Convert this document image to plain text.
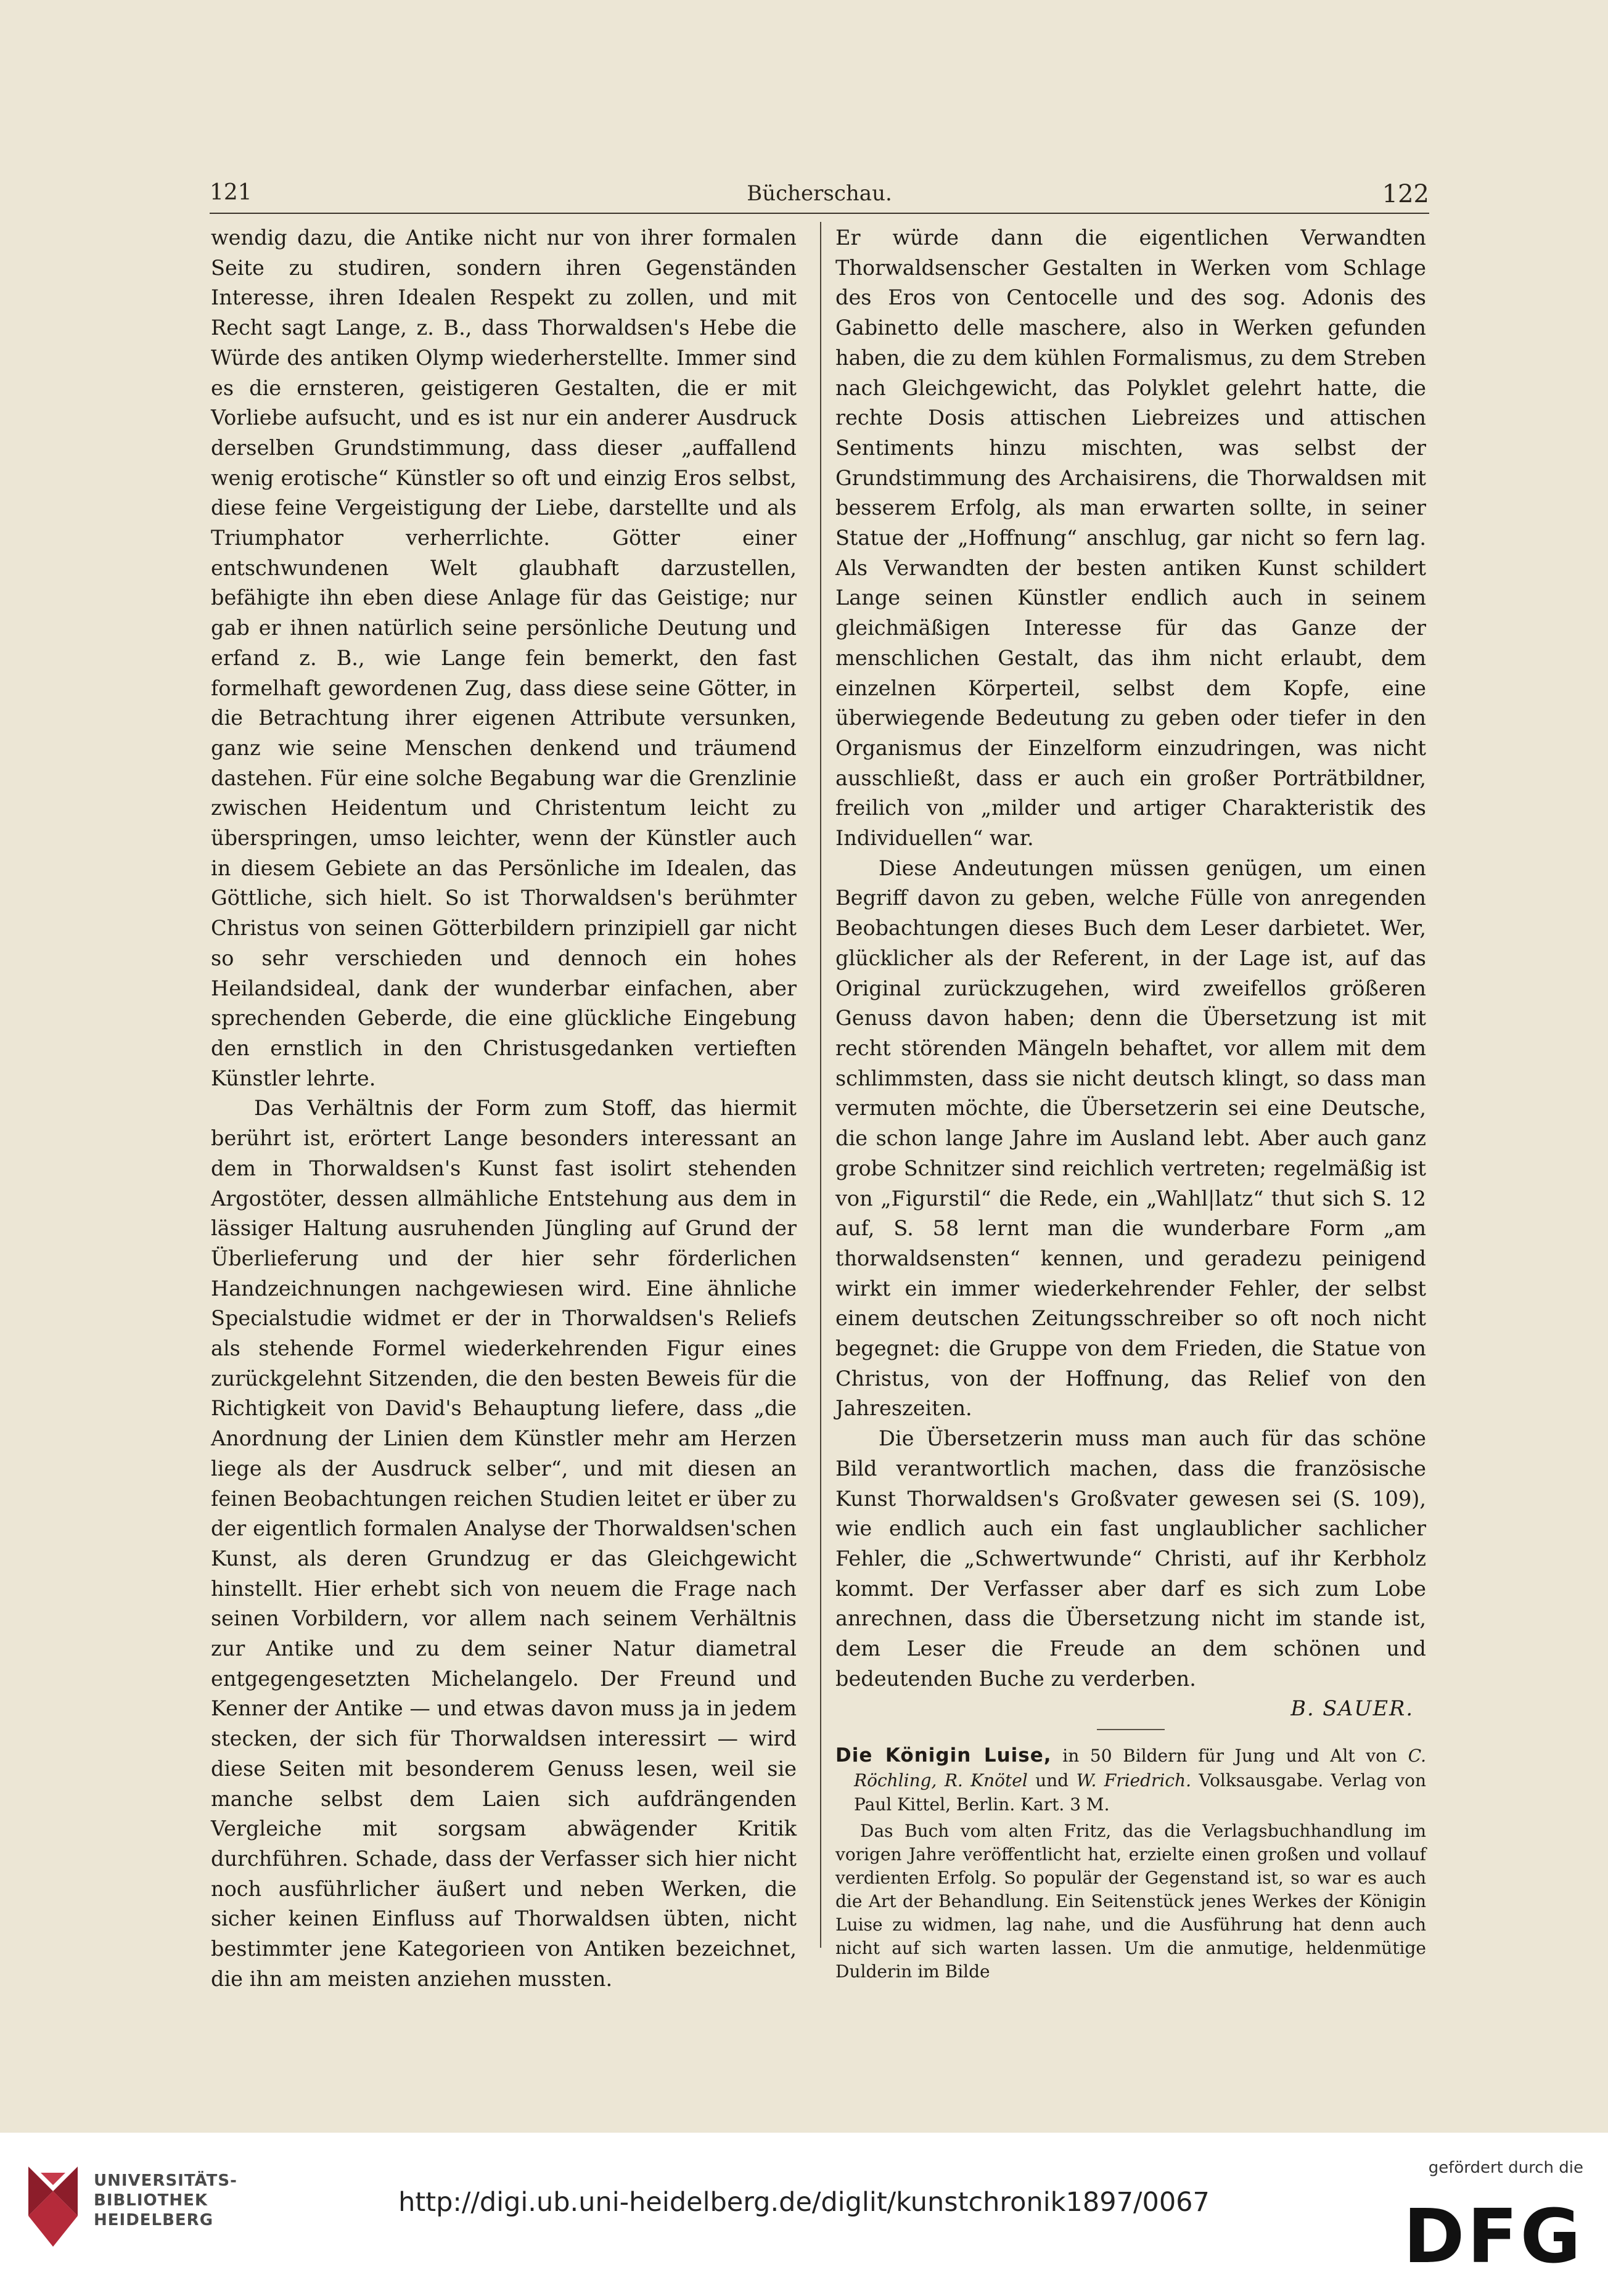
121	Bücherschau.	122

wendig dazu, die Antike nicht nur von ihrer formalen Seite zu studiren, sondern ihren Gegenständen Interesse, ihren Idealen Respekt zu zollen, und mit Recht sagt Lange, z. B., dass Thorwaldsen's Hebe die Würde des antiken Olymp wiederherstellte. Immer sind es die ernsteren, geistigeren Gestalten, die er mit Vorliebe aufsucht, und es ist nur ein anderer Ausdruck derselben Grundstimmung, dass dieser „auffallend wenig erotische“ Künstler so oft und einzig Eros selbst, diese feine Vergeistigung der Liebe, darstellte und als Triumphator verherrlichte. Götter einer entschwundenen Welt glaubhaft darzustellen, befähigte ihn eben diese Anlage für das Geistige; nur gab er ihnen natürlich seine persönliche Deutung und erfand z. B., wie Lange fein bemerkt, den fast formelhaft gewordenen Zug, dass diese seine Götter, in die Betrachtung ihrer eigenen Attribute versunken, ganz wie seine Menschen denkend und träumend dastehen. Für eine solche Begabung war die Grenzlinie zwischen Heidentum und Christentum leicht zu überspringen, umso leichter, wenn der Künstler auch in diesem Gebiete an das Persönliche im Idealen, das Göttliche, sich hielt. So ist Thorwaldsen's berühmter Christus von seinen Götterbildern prinzipiell gar nicht so sehr verschieden und dennoch ein hohes Heilandsideal, dank der wunderbar einfachen, aber sprechenden Geberde, die eine glückliche Eingebung den ernstlich in den Christusgedanken vertieften Künstler lehrte.

Das Verhältnis der Form zum Stoff, das hiermit berührt ist, erörtert Lange besonders interessant an dem in Thorwaldsen's Kunst fast isolirt stehenden Argostöter, dessen allmähliche Entstehung aus dem in lässiger Haltung ausruhenden Jüngling auf Grund der Überlieferung und der hier sehr förderlichen Handzeichnungen nachgewiesen wird. Eine ähnliche Specialstudie widmet er der in Thorwaldsen's Reliefs als stehende Formel wiederkehrenden Figur eines zurückgelehnt Sitzenden, die den besten Beweis für die Richtigkeit von David's Behauptung liefere, dass „die Anordnung der Linien dem Künstler mehr am Herzen liege als der Ausdruck selber“, und mit diesen an feinen Beobachtungen reichen Studien leitet er über zu der eigentlich formalen Analyse der Thorwaldsen'schen Kunst, als deren Grundzug er das Gleichgewicht hinstellt. Hier erhebt sich von neuem die Frage nach seinen Vorbildern, vor allem nach seinem Verhältnis zur Antike und zu dem seiner Natur diametral entgegengesetzten Michelangelo. Der Freund und Kenner der Antike — und etwas davon muss ja in jedem stecken, der sich für Thorwaldsen interessirt — wird diese Seiten mit besonderem Genuss lesen, weil sie manche selbst dem Laien sich aufdrängenden Vergleiche mit sorgsam abwägender Kritik durchführen. Schade, dass der Verfasser sich hier nicht noch ausführlicher äußert und neben Werken, die sicher keinen Einfluss auf Thorwaldsen übten, nicht bestimmter jene Kategorieen von Antiken bezeichnet, die ihn am meisten anziehen mussten.

Er würde dann die eigentlichen Verwandten Thorwaldsenscher Gestalten in Werken vom Schlage des Eros von Centocelle und des sog. Adonis des Gabinetto delle maschere, also in Werken gefunden haben, die zu dem kühlen Formalismus, zu dem Streben nach Gleichgewicht, das Polyklet gelehrt hatte, die rechte Dosis attischen Liebreizes und attischen Sentiments hinzu mischten, was selbst der Grundstimmung des Archaisirens, die Thorwaldsen mit besserem Erfolg, als man erwarten sollte, in seiner Statue der „Hoffnung“ anschlug, gar nicht so fern lag. Als Verwandten der besten antiken Kunst schildert Lange seinen Künstler endlich auch in seinem gleichmäßigen Interesse für das Ganze der menschlichen Gestalt, das ihm nicht erlaubt, dem einzelnen Körperteil, selbst dem Kopfe, eine überwiegende Bedeutung zu geben oder tiefer in den Organismus der Einzelform einzudringen, was nicht ausschließt, dass er auch ein großer Porträtbildner, freilich von „milder und artiger Charakteristik des Individuellen“ war.

Diese Andeutungen müssen genügen, um einen Begriff davon zu geben, welche Fülle von anregenden Beobachtungen dieses Buch dem Leser darbietet. Wer, glücklicher als der Referent, in der Lage ist, auf das Original zurückzugehen, wird zweifellos größeren Genuss davon haben; denn die Übersetzung ist mit recht störenden Mängeln behaftet, vor allem mit dem schlimmsten, dass sie nicht deutsch klingt, so dass man vermuten möchte, die Übersetzerin sei eine Deutsche, die schon lange Jahre im Ausland lebt. Aber auch ganz grobe Schnitzer sind reichlich vertreten; regelmäßig ist von „Figurstil“ die Rede, ein „Wahl|latz“ thut sich S. 12 auf, S. 58 lernt man die wunderbare Form „am thorwaldsensten“ kennen, und geradezu peinigend wirkt ein immer wiederkehrender Fehler, der selbst einem deutschen Zeitungsschreiber so oft noch nicht begegnet: die Gruppe von dem Frieden, die Statue von Christus, von der Hoffnung, das Relief von den Jahreszeiten.

Die Übersetzerin muss man auch für das schöne Bild verantwortlich machen, dass die französische Kunst Thorwaldsen's Großvater gewesen sei (S. 109), wie endlich auch ein fast unglaublicher sachlicher Fehler, die „Schwertwunde“ Christi, auf ihr Kerbholz kommt. Der Verfasser aber darf es sich zum Lobe anrechnen, dass die Übersetzung nicht im stande ist, dem Leser die Freude an dem schönen und bedeutenden Buche zu verderben.

B. SAUER.

Die Königin Luise, in 50 Bildern für Jung und Alt von C. Röchling, R. Knötel und W. Friedrich. Volksausgabe. Verlag von Paul Kittel, Berlin. Kart. 3 M.

Das Buch vom alten Fritz, das die Verlagsbuchhandlung im vorigen Jahre veröffentlicht hat, erzielte einen großen und vollauf verdienten Erfolg. So populär der Gegenstand ist, so war es auch die Art der Behandlung. Ein Seitenstück jenes Werkes der Königin Luise zu widmen, lag nahe, und die Ausführung hat denn auch nicht auf sich warten lassen. Um die anmutige, heldenmütige Dulderin im Bilde

UNIVERSITÄTS-
BIBLIOTHEK
HEIDELBERG
http://digi.ub.uni-heidelberg.de/diglit/kunstchronik1897/0067
gefördert durch die
DFG
